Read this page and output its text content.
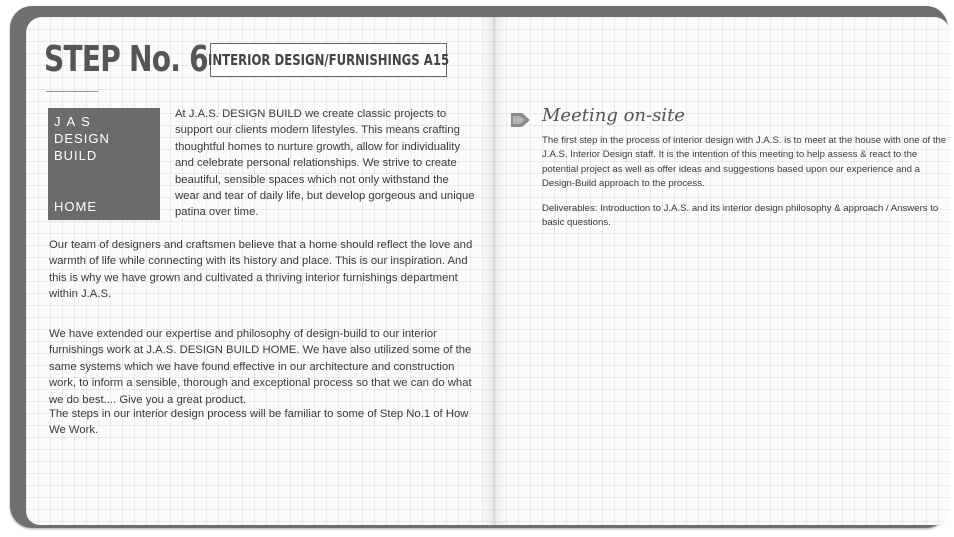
STEP No. 6 INTERIOR DESIGN/FURNISHINGS A15
JAS
DESIGN
BUILD
HOME

At J.A.S. DESIGN BUILD we create classic projects to support our clients modern lifestyles. This means crafting thoughtful homes to nurture growth, allow for individuality and celebrate personal relationships. We strive to create beautiful, sensible spaces which not only withstand the wear and tear of daily life, but develop gorgeous and unique patina over time.

Our team of designers and craftsmen believe that a home should reflect the love and warmth of life while connecting with its history and place. This is our inspiration. And this is why we have grown and cultivated a thriving interior furnishings department within J.A.S.

We have extended our expertise and philosophy of design-build to our interior furnishings work at J.A.S. DESIGN BUILD HOME. We have also utilized some of the same systems which we have found effective in our architecture and construction work, to inform a sensible, thorough and exceptional process so that we can do what we do best.... Give you a great product.

The steps in our interior design process will be familiar to some of Step No.1 of How We Work.

Meeting on-site

The first step in the process of interior design with J.A.S. is to meet at the house with one of the J.A.S. Interior Design staff. It is the intention of this meeting to help assess & react to the potential project as well as offer ideas and suggestions based upon our experience and a Design-Build approach to the process.

Deliverables: Introduction to J.A.S. and its interior design philosophy & approach / Answers to basic questions.
